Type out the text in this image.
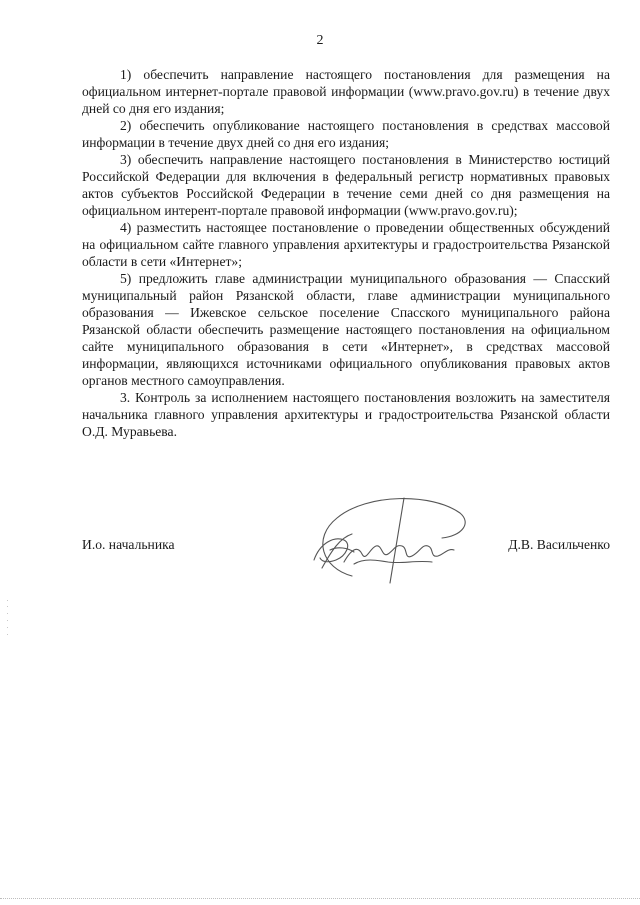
2

1) обеспечить направление настоящего постановления для размещения на официальном интернет-портале правовой информации (www.pravo.gov.ru) в течение двух дней со дня его издания;

2) обеспечить опубликование настоящего постановления в средствах массовой информации в течение двух дней со дня его издания;

3) обеспечить направление настоящего постановления в Министерство юстиций Российской Федерации для включения в федеральный регистр нормативных правовых актов субъектов Российской Федерации в течение семи дней со дня размещения на официальном интерент-портале правовой информации (www.pravo.gov.ru);

4) разместить настоящее постановление о проведении общественных обсуждений на официальном сайте главного управления архитектуры и градостроительства Рязанской области в сети «Интернет»;

5) предложить главе администрации муниципального образования — Спасский муниципальный район Рязанской области, главе администрации муниципального образования — Ижевское сельское поселение Спасского муниципального района Рязанской области обеспечить размещение настоящего постановления на официальном сайте муниципального образования в сети «Интернет», в средствах массовой информации, являющихся источниками официального опубликования правовых актов органов местного самоуправления.

3. Контроль за исполнением настоящего постановления возложить на заместителя начальника главного управления архитектуры и градостроительства Рязанской области О.Д. Муравьева.

И.о. начальника	Д.В. Васильченко
